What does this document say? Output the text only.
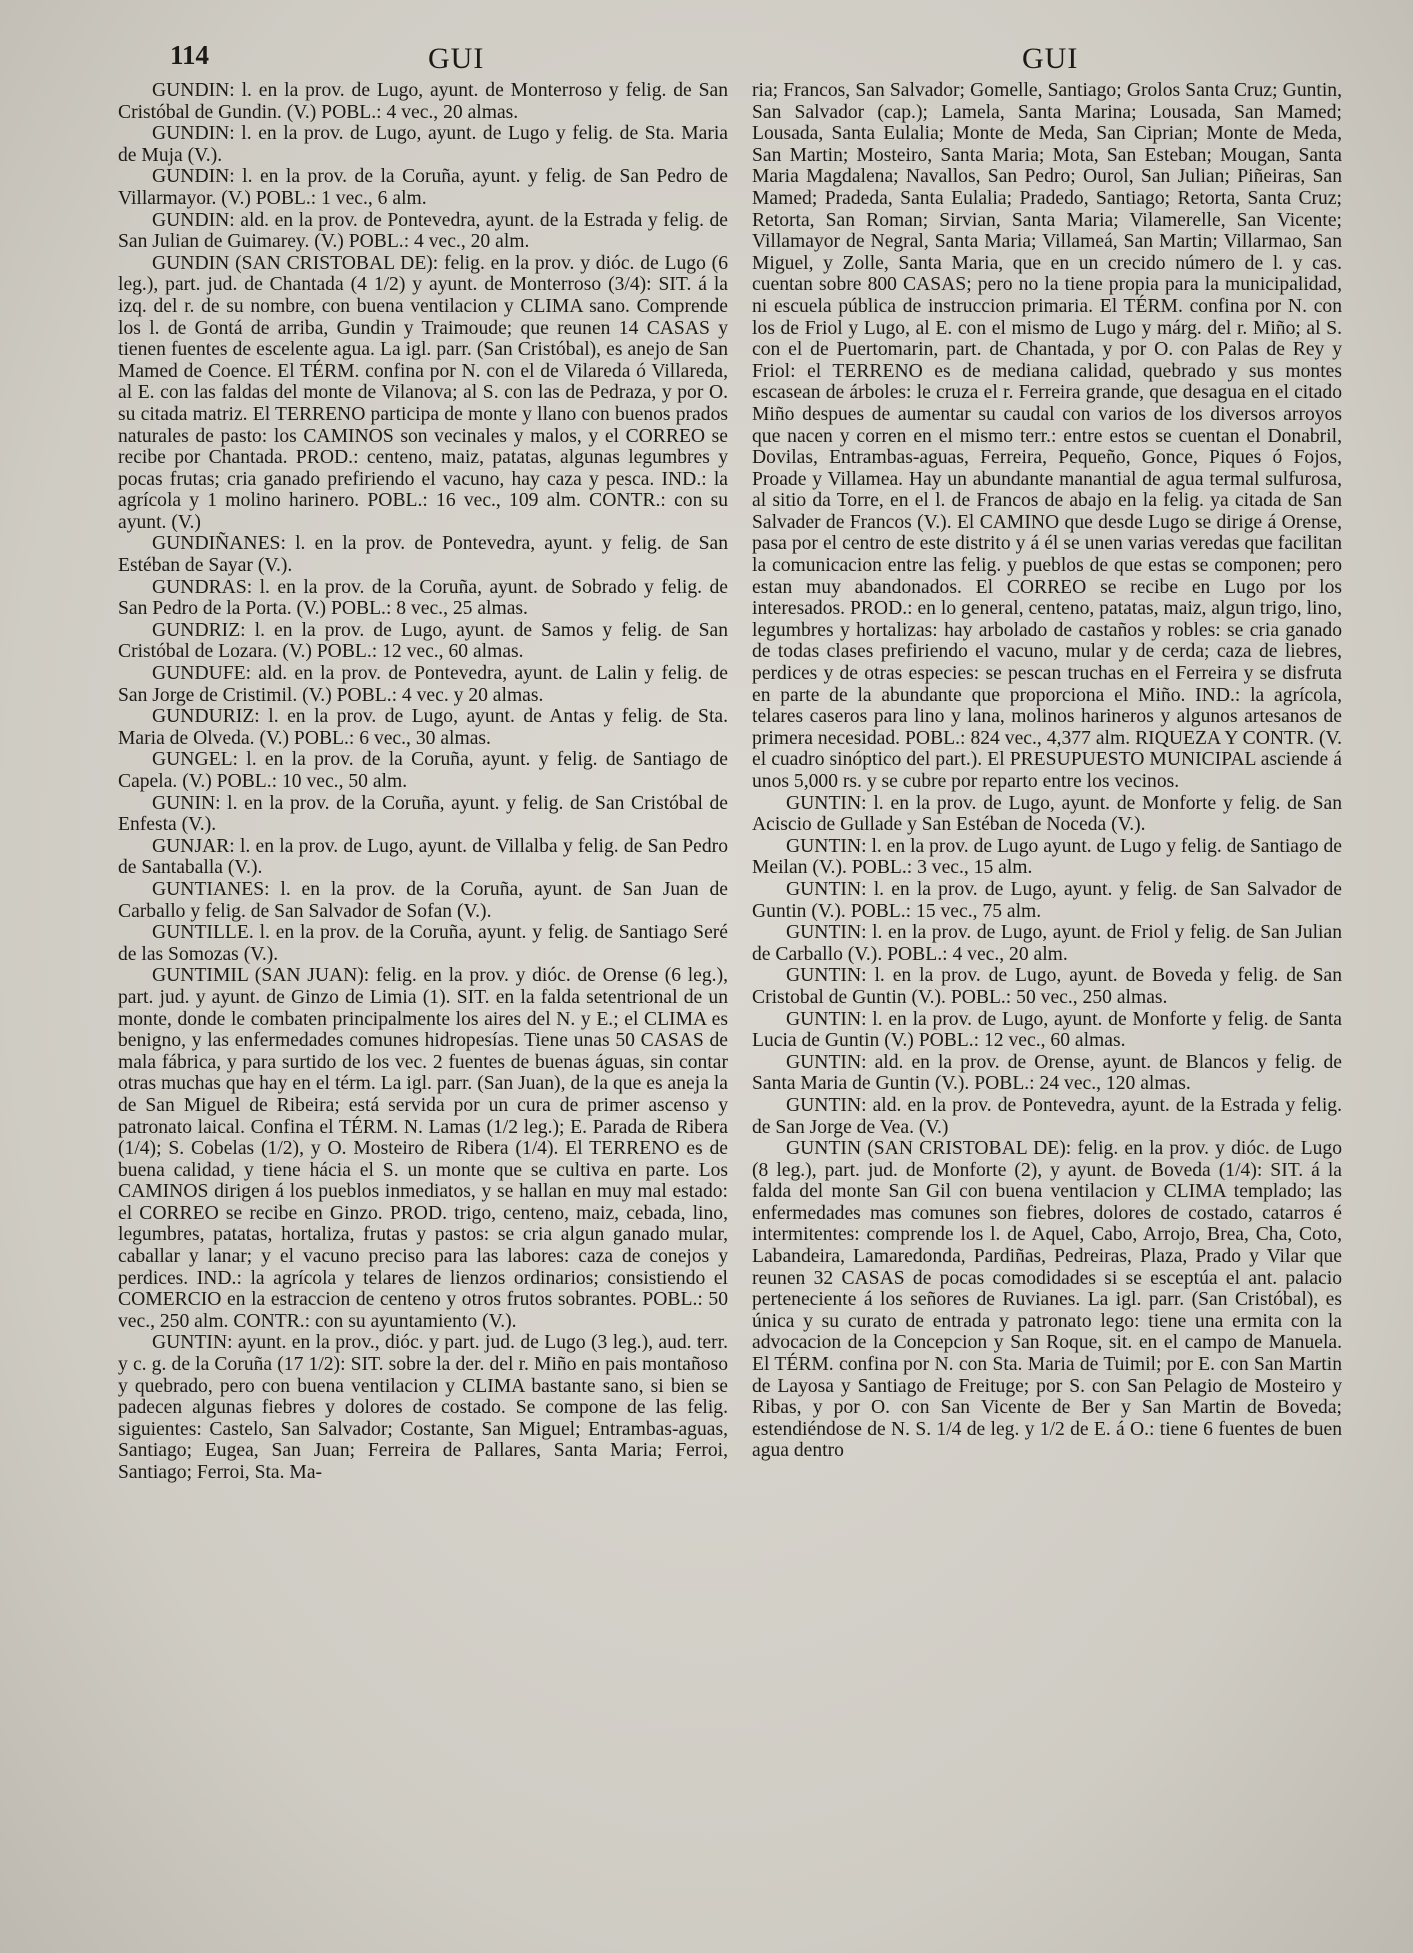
114	GUI	GUI

GUNDIN: l. en la prov. de Lugo, ayunt. de Monterroso y felig. de San Cristóbal de Gundin. (V.) POBL.: 4 vec., 20 almas.

GUNDIN: l. en la prov. de Lugo, ayunt. de Lugo y felig. de Sta. Maria de Muja (V.).

GUNDIN: l. en la prov. de la Coruña, ayunt. y felig. de San Pedro de Villarmayor. (V.) POBL.: 1 vec., 6 alm.

GUNDIN: ald. en la prov. de Pontevedra, ayunt. de la Estrada y felig. de San Julian de Guimarey. (V.) POBL.: 4 vec., 20 alm.

GUNDIN (SAN CRISTOBAL DE): felig. en la prov. y dióc. de Lugo (6 leg.), part. jud. de Chantada (4 1/2) y ayunt. de Monterroso (3/4): SIT. á la izq. del r. de su nombre, con buena ventilacion y CLIMA sano. Comprende los l. de Gontá de arriba, Gundin y Traimoude; que reunen 14 CASAS y tienen fuentes de escelente agua. La igl. parr. (San Cristóbal), es anejo de San Mamed de Coence. El TÉRM. confina por N. con el de Vilareda ó Villareda, al E. con las faldas del monte de Vilanova; al S. con las de Pedraza, y por O. su citada matriz. El TERRENO participa de monte y llano con buenos prados naturales de pasto: los CAMINOS son vecinales y malos, y el CORREO se recibe por Chantada. PROD.: centeno, maiz, patatas, algunas legumbres y pocas frutas; cria ganado prefiriendo el vacuno, hay caza y pesca. IND.: la agrícola y 1 molino harinero. POBL.: 16 vec., 109 alm. CONTR.: con su ayunt. (V.)

GUNDIÑANES: l. en la prov. de Pontevedra, ayunt. y felig. de San Estéban de Sayar (V.).

GUNDRAS: l. en la prov. de la Coruña, ayunt. de Sobrado y felig. de San Pedro de la Porta. (V.) POBL.: 8 vec., 25 almas.

GUNDRIZ: l. en la prov. de Lugo, ayunt. de Samos y felig. de San Cristóbal de Lozara. (V.) POBL.: 12 vec., 60 almas.

GUNDUFE: ald. en la prov. de Pontevedra, ayunt. de Lalin y felig. de San Jorge de Cristimil. (V.) POBL.: 4 vec. y 20 almas.

GUNDURIZ: l. en la prov. de Lugo, ayunt. de Antas y felig. de Sta. Maria de Olveda. (V.) POBL.: 6 vec., 30 almas.

GUNGEL: l. en la prov. de la Coruña, ayunt. y felig. de Santiago de Capela. (V.) POBL.: 10 vec., 50 alm.

GUNIN: l. en la prov. de la Coruña, ayunt. y felig. de San Cristóbal de Enfesta (V.).

GUNJAR: l. en la prov. de Lugo, ayunt. de Villalba y felig. de San Pedro de Santaballa (V.).

GUNTIANES: l. en la prov. de la Coruña, ayunt. de San Juan de Carballo y felig. de San Salvador de Sofan (V.).

GUNTILLE. l. en la prov. de la Coruña, ayunt. y felig. de Santiago Seré de las Somozas (V.).

GUNTIMIL (SAN JUAN): felig. en la prov. y dióc. de Orense (6 leg.), part. jud. y ayunt. de Ginzo de Limia (1). SIT. en la falda setentrional de un monte, donde le combaten principalmente los aires del N. y E.; el CLIMA es benigno, y las enfermedades comunes hidropesías. Tiene unas 50 CASAS de mala fábrica, y para surtido de los vec. 2 fuentes de buenas águas, sin contar otras muchas que hay en el térm. La igl. parr. (San Juan), de la que es aneja la de San Miguel de Ribeira; está servida por un cura de primer ascenso y patronato laical. Confina el TÉRM. N. Lamas (1/2 leg.); E. Parada de Ribera (1/4); S. Cobelas (1/2), y O. Mosteiro de Ribera (1/4). El TERRENO es de buena calidad, y tiene hácia el S. un monte que se cultiva en parte. Los CAMINOS dirigen á los pueblos inmediatos, y se hallan en muy mal estado: el CORREO se recibe en Ginzo. PROD. trigo, centeno, maiz, cebada, lino, legumbres, patatas, hortaliza, frutas y pastos: se cria algun ganado mular, caballar y lanar; y el vacuno preciso para las labores: caza de conejos y perdices. IND.: la agrícola y telares de lienzos ordinarios; consistiendo el COMERCIO en la estraccion de centeno y otros frutos sobrantes. POBL.: 50 vec., 250 alm. CONTR.: con su ayuntamiento (V.).

GUNTIN: ayunt. en la prov., dióc. y part. jud. de Lugo (3 leg.), aud. terr. y c. g. de la Coruña (17 1/2): SIT. sobre la der. del r. Miño en pais montañoso y quebrado, pero con buena ventilacion y CLIMA bastante sano, si bien se padecen algunas fiebres y dolores de costado. Se compone de las felig. siguientes: Castelo, San Salvador; Costante, San Miguel; Entrambas-aguas, Santiago; Eugea, San Juan; Ferreira de Pallares, Santa Maria; Ferroi, Santiago; Ferroi, Sta. Ma-

ria; Francos, San Salvador; Gomelle, Santiago; Grolos Santa Cruz; Guntin, San Salvador (cap.); Lamela, Santa Marina; Lousada, San Mamed; Lousada, Santa Eulalia; Monte de Meda, San Ciprian; Monte de Meda, San Martin; Mosteiro, Santa Maria; Mota, San Esteban; Mougan, Santa Maria Magdalena; Navallos, San Pedro; Ourol, San Julian; Piñeiras, San Mamed; Pradeda, Santa Eulalia; Pradedo, Santiago; Retorta, Santa Cruz; Retorta, San Roman; Sirvian, Santa Maria; Vilamerelle, San Vicente; Villamayor de Negral, Santa Maria; Villameá, San Martin; Villarmao, San Miguel, y Zolle, Santa Maria, que en un crecido número de l. y cas. cuentan sobre 800 CASAS; pero no la tiene propia para la municipalidad, ni escuela pública de instruccion primaria. El TÉRM. confina por N. con los de Friol y Lugo, al E. con el mismo de Lugo y márg. del r. Miño; al S. con el de Puertomarin, part. de Chantada, y por O. con Palas de Rey y Friol: el TERRENO es de mediana calidad, quebrado y sus montes escasean de árboles: le cruza el r. Ferreira grande, que desagua en el citado Miño despues de aumentar su caudal con varios de los diversos arroyos que nacen y corren en el mismo terr.: entre estos se cuentan el Donabril, Dovilas, Entrambas-aguas, Ferreira, Pequeño, Gonce, Piques ó Fojos, Proade y Villamea. Hay un abundante manantial de agua termal sulfurosa, al sitio da Torre, en el l. de Francos de abajo en la felig. ya citada de San Salvader de Francos (V.). El CAMINO que desde Lugo se dirige á Orense, pasa por el centro de este distrito y á él se unen varias veredas que facilitan la comunicacion entre las felig. y pueblos de que estas se componen; pero estan muy abandonados. El CORREO se recibe en Lugo por los interesados. PROD.: en lo general, centeno, patatas, maiz, algun trigo, lino, legumbres y hortalizas: hay arbolado de castaños y robles: se cria ganado de todas clases prefiriendo el vacuno, mular y de cerda; caza de liebres, perdices y de otras especies: se pescan truchas en el Ferreira y se disfruta en parte de la abundante que proporciona el Miño. IND.: la agrícola, telares caseros para lino y lana, molinos harineros y algunos artesanos de primera necesidad. POBL.: 824 vec., 4,377 alm. RIQUEZA Y CONTR. (V. el cuadro sinóptico del part.). El PRESUPUESTO MUNICIPAL asciende á unos 5,000 rs. y se cubre por reparto entre los vecinos.

GUNTIN: l. en la prov. de Lugo, ayunt. de Monforte y felig. de San Aciscio de Gullade y San Estéban de Noceda (V.).

GUNTIN: l. en la prov. de Lugo ayunt. de Lugo y felig. de Santiago de Meilan (V.). POBL.: 3 vec., 15 alm.

GUNTIN: l. en la prov. de Lugo, ayunt. y felig. de San Salvador de Guntin (V.). POBL.: 15 vec., 75 alm.

GUNTIN: l. en la prov. de Lugo, ayunt. de Friol y felig. de San Julian de Carballo (V.). POBL.: 4 vec., 20 alm.

GUNTIN: l. en la prov. de Lugo, ayunt. de Boveda y felig. de San Cristobal de Guntin (V.). POBL.: 50 vec., 250 almas.

GUNTIN: l. en la prov. de Lugo, ayunt. de Monforte y felig. de Santa Lucia de Guntin (V.) POBL.: 12 vec., 60 almas.

GUNTIN: ald. en la prov. de Orense, ayunt. de Blancos y felig. de Santa Maria de Guntin (V.). POBL.: 24 vec., 120 almas.

GUNTIN: ald. en la prov. de Pontevedra, ayunt. de la Estrada y felig. de San Jorge de Vea. (V.)

GUNTIN (SAN CRISTOBAL DE): felig. en la prov. y dióc. de Lugo (8 leg.), part. jud. de Monforte (2), y ayunt. de Boveda (1/4): SIT. á la falda del monte San Gil con buena ventilacion y CLIMA templado; las enfermedades mas comunes son fiebres, dolores de costado, catarros é intermitentes: comprende los l. de Aquel, Cabo, Arrojo, Brea, Cha, Coto, Labandeira, Lamaredonda, Pardiñas, Pedreiras, Plaza, Prado y Vilar que reunen 32 CASAS de pocas comodidades si se esceptúa el ant. palacio perteneciente á los señores de Ruvianes. La igl. parr. (San Cristóbal), es única y su curato de entrada y patronato lego: tiene una ermita con la advocacion de la Concepcion y San Roque, sit. en el campo de Manuela. El TÉRM. confina por N. con Sta. Maria de Tuimil; por E. con San Martin de Layosa y Santiago de Freituge; por S. con San Pelagio de Mosteiro y Ribas, y por O. con San Vicente de Ber y San Martin de Boveda; estendiéndose de N. S. 1/4 de leg. y 1/2 de E. á O.: tiene 6 fuentes de buen agua dentro
